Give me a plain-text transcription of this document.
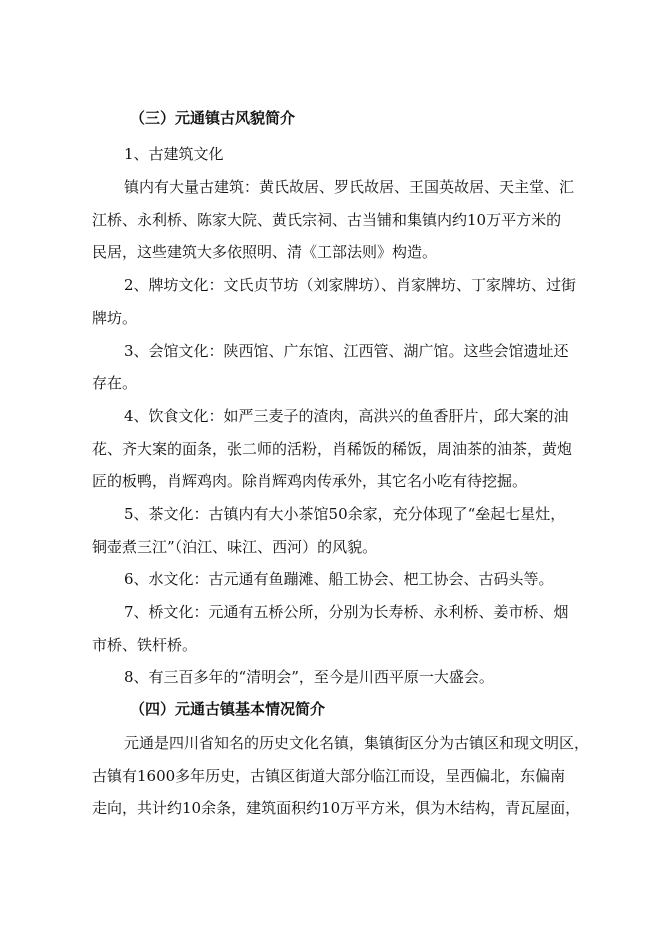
（三）元通镇古风貌简介
1、古建筑文化
镇内有大量古建筑：黄氏故居、罗氏故居、王国英故居、天主堂、汇
江桥、永利桥、陈家大院、黄氏宗祠、古当铺和集镇内约10万平方米的
民居，这些建筑大多依照明、清《工部法则》构造。
2、牌坊文化：文氏贞节坊（刘家牌坊）、肖家牌坊、丁家牌坊、过街
牌坊。
3、会馆文化：陕西馆、广东馆、江西管、湖广馆。这些会馆遗址还
存在。
4、饮食文化：如严三麦子的渣肉，高洪兴的鱼香肝片，邱大案的油
花、齐大案的面条，张二师的活粉，肖稀饭的稀饭，周油茶的油茶，黄炮
匠的板鸭，肖辉鸡肉。除肖辉鸡肉传承外，其它名小吃有待挖掘。
5、茶文化：古镇内有大小茶馆50余家，充分体现了“垒起七星灶，
铜壶煮三江”（泊江、味江、西河）的风貌。
6、水文化：古元通有鱼蹦滩、船工协会、杷工协会、古码头等。
7、桥文化：元通有五桥公所，分别为长寿桥、永利桥、姜市桥、烟
市桥、铁杆桥。
8、有三百多年的“清明会”，至今是川西平原一大盛会。
（四）元通古镇基本情况简介
元通是四川省知名的历史文化名镇，集镇街区分为古镇区和现文明区，
古镇有1600多年历史，古镇区街道大部分临江而设，呈西偏北，东偏南
走向，共计约10余条，建筑面积约10万平方米，俱为木结构，青瓦屋面，
